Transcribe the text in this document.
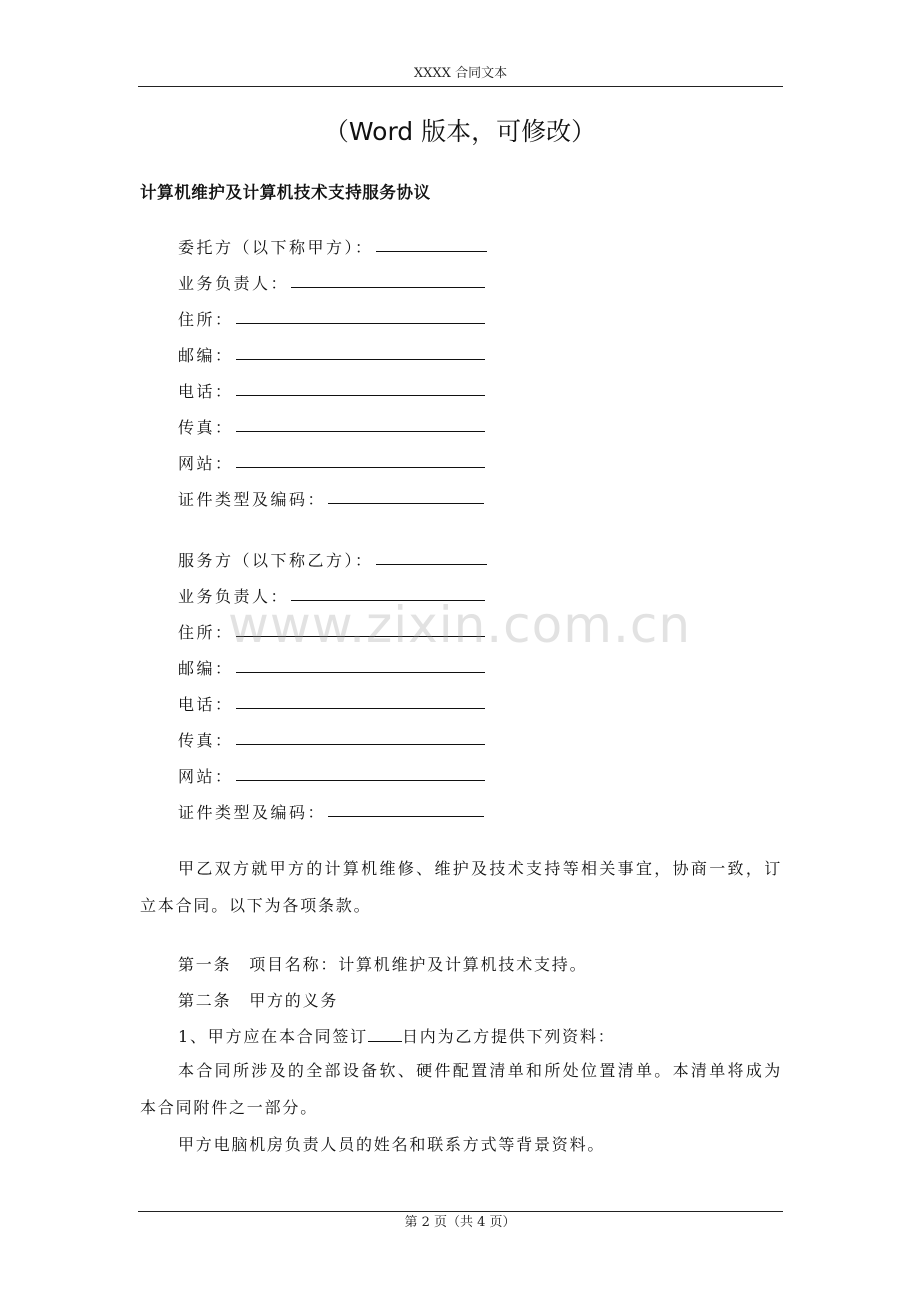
XXXX 合同文本
（Word 版本，可修改）
计算机维护及计算机技术支持服务协议
委托方（以下称甲方）：
业务负责人：
住所：
邮编：
电话：
传真：
网站：
证件类型及编码：
服务方（以下称乙方）：
业务负责人：
住所：
邮编：
电话：
传真：
网站：
证件类型及编码：
甲乙双方就甲方的计算机维修、维护及技术支持等相关事宜，协商一致，订立本合同。以下为各项条款。
第一条　项目名称：计算机维护及计算机技术支持。
第二条　甲方的义务
1、甲方应在本合同签订 日内为乙方提供下列资料：
本合同所涉及的全部设备软、硬件配置清单和所处位置清单。本清单将成为本合同附件之一部分。
甲方电脑机房负责人员的姓名和联系方式等背景资料。
www.zixin.com.cn
第 2 页（共 4 页）
